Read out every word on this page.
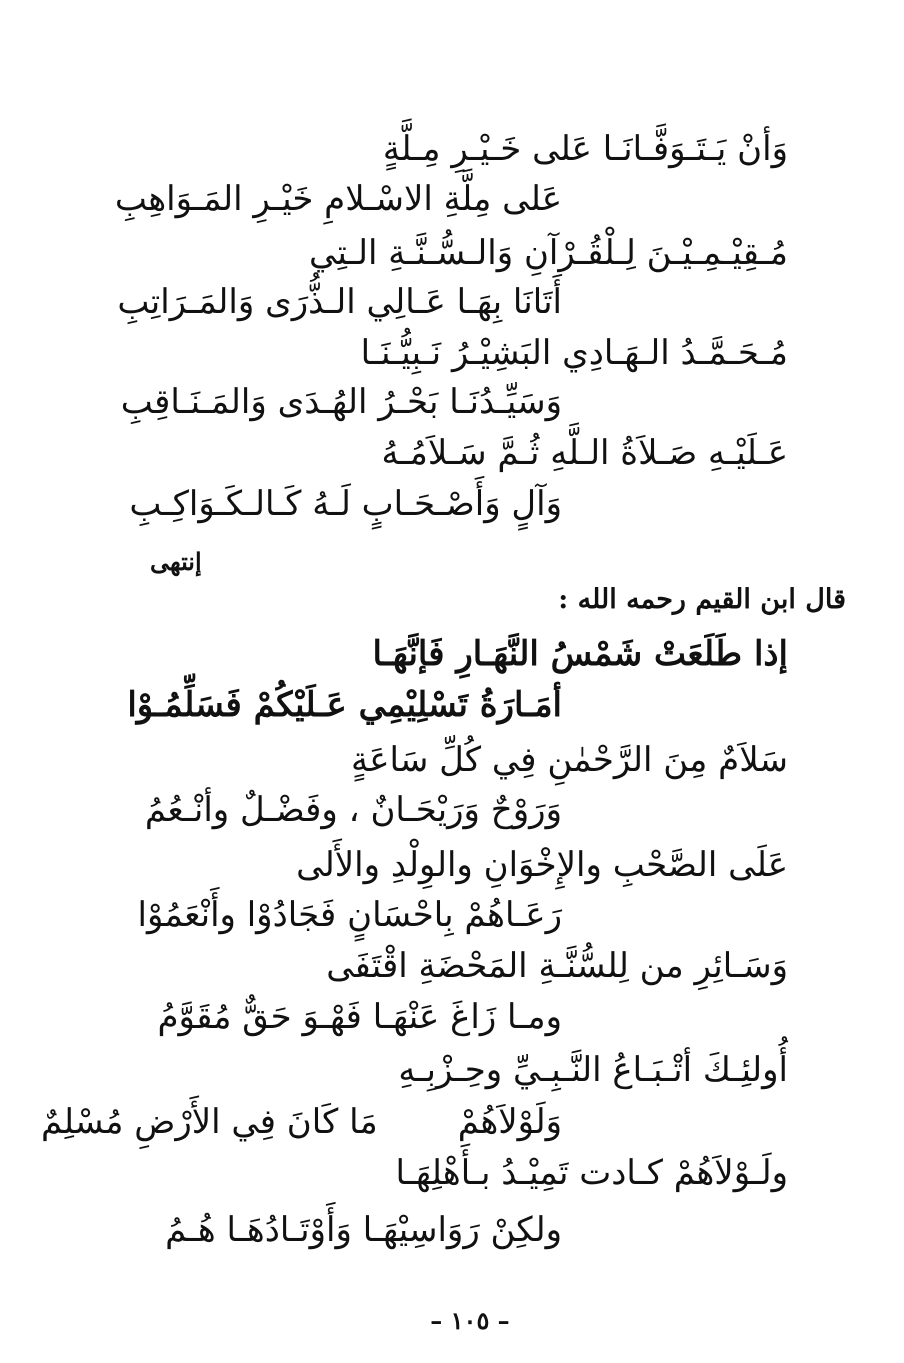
وَأنْ يَـتَـوَفَّـانَـا عَلى خَـيْـرِ مِـلَّةٍ
عَلى مِلَّةِ الاسْـلامِ خَيْـرِ المَـوَاهِبِ
مُـقِيْـمِـيْـنَ لِـلْقُـرْآنِ وَالـسُّـنَّـةِ الـتِي
أَتَانَا بِهَـا عَـالِي الـذُّرَى وَالمَـرَاتِبِ
مُـحَـمَّـدُ الـهَـادِي البَشِيْـرُ نَـبِيُّـنَـا
وَسَيِّـدُنَـا بَحْـرُ الهُـدَى وَالمَـنَـاقِبِ
عَـلَيْـهِ صَـلاَةُ الـلَّهِ ثُـمَّ سَـلاَمُـهُ
وَآلٍ وَأَصْـحَـابٍ لَـهُ كَـالـكَـوَاكِـبِ
إنتهى
قال ابن القيم رحمه الله :
إذا طَلَعَتْ شَمْسُ النَّهَـارِ فَإنَّهَـا
أمَـارَةُ تَسْلِيْمِي عَـلَيْكُمْ فَسَلِّمُـوْا
سَلاَمٌ مِنَ الرَّحْمٰنِ فِي كُلِّ سَاعَةٍ
وَرَوْحٌ وَرَيْحَـانٌ ، وفَضْـلٌ وأنْـعُمُ
عَلَى الصَّحْبِ والإِخْوَانِ والوِلْدِ والأَلى
رَعَـاهُمْ بِاحْسَانٍ فَجَادُوْا وأَنْعَمُوْا
وَسَـائِرِ من لِلسُّنَّـةِ المَحْضَةِ اقْتَفَى
ومـا زَاغَ عَنْهَـا فَهْـوَ حَقٌّ مُقَوَّمُ
أُولئِـكَ أتْـبَـاعُ النَّـبِـيِّ وحِـزْبِـهِ
وَلَوْلاَهُمْمَا كَانَ فِي الأَرْضِ مُسْلِمٌ
ولَـوْلاَهُمْ كـادت تَمِيْـدُ بـأَهْلِهَـا
ولكِنْ رَوَاسِيْهَـا وَأَوْتَـادُهَـا هُـمُ
– ١٠٥ –
